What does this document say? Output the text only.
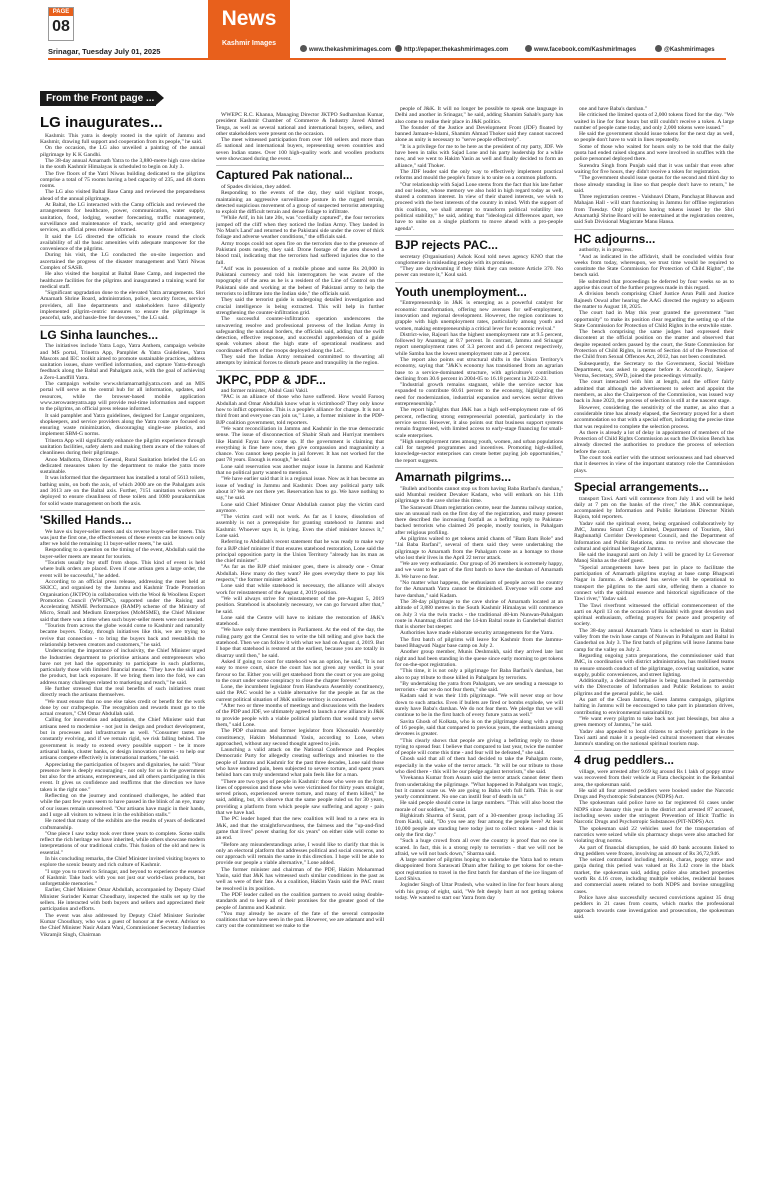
PAGE
08
Srinagar, Tuesday July 01, 2025
News
Kashmir Images
www.thekashmirimages.com	http://epaper.thekashmirimages.com	www.facebook.com/KashmirImages	@Kashmirimages
From the Front page ...
LG inaugurates...

Kashmir. This yatra is deeply rooted in the spirit of Jammu and Kashmir, drawing full support and cooperation from its people," he said.

On the occasion, the LG also unveiled a painting of the annual pilgrimage by K K Gandhi.

The 38-day annual Amarnath Yatra to the 3,880-metre high cave shrine in the south Kashmir Himalayas is scheduled to begin on July 3.

The five floors of the Yatri Niwas building dedicated to the pilgrims comprise a total of 75 rooms having a bed capacity of 235, and 48 dorm rooms.

The LG also visited Baltal Base Camp and reviewed the preparedness ahead of the annual pilgrimage.

At Baltal, the LG interacted with the Camp officials and reviewed the arrangements for healthcare, power, communication, water supply, sanitation, food, lodging, weather forecasting, traffic management, surveillance and maintenance of track, security grid and emergency services, an official press release informed.

It said the LG directed the officials to ensure round the clock availability of all the basic amenities with adequate manpower for the convenience of the pilgrims.

During his visit, the LG conducted the on-site inspection and ascertained the progress of the disaster management and Yatri Niwas Complex of SASB.

He also visited the hospital at Baltal Base Camp, and inspected the healthcare facilities for the pilgrims and inaugurated a training ward for medical staff.

"Significant upgradation done to the elevated Yatra arrangements. Shri Amarnath Shrine Board, administration, police, security forces, service providers, all line departments and stakeholders have diligently implemented pilgrim-centric measures to ensure the pilgrimage is peaceful, safe, and hassle-free for devotees," the LG said.

LG Sinha launches...

The initiatives include Yatra Logo, Yatra Anthem, campaign website and MS portal, Trinetra App, Pamphlet & Yatra Guidelines, Yatra Mascots and IEC toolkit aimed to promote sustainable practices, address sanitation issues, share verified information, and capture Yatra-through feedback along the Baltal and Pahalgam axis, with the goal of achieving a Zero-Landfill Yatra.

The campaign website www.shriamarnathjiyatra.com and an MIS portal will serve as the central hub for all information, updates, and resources, while the browser-based mobile application www.zerowasteyatra.app will provide real-time information and support to the pilgrims, an official press release informed.

It said pamphlet and Yatra guidelines, designed for Langar organizers, shopkeepers, and service providers along the Yatra route are focused on ensuring waste minimization, discouraging single-use plastics, and implement SBM-G norms.

Trinetra App will significantly enhance the pilgrim experience through sanitation facilities, safety alerts and making them aware of the values of cleanliness during their pilgrimage.

Anoo Malhotra, Director General, Rural Sanitation briefed the LG on dedicated measures taken by the department to make the yatra more sustainable.

It was informed that the department has installed a total of 5613 toilets, bathing units, on both the axis, of which 2000 are on the Pahalgam axis and 3613 are on the Baltal axis. Further, 7151 sanitation workers are deployed to ensure cleanliness of these toilets and 1080 pourakarmikas for solid waste management on both the axis.

'Skilled Hands...

We have six buyer-seller meets and six reverse buyer-seller meets. This was just the first one, the effectiveness of these events can be known only after we hold the remaining 11 buyer-seller meets," he said.

Responding to a question on the timing of the event, Abdullah said the buyer-seller meets are meant for tourists.

"Tourists usually buy stuff from shops. This kind of event is held where bulk orders are placed. Even if one artisan gets a large order, the event will be successful," he added.

According to an official press release, addressing the meet held at SKICC, and organised by the Jammu and Kashmir Trade Promotion Organisation (JKTPO) in collaboration with the Wool & Woollens Export Promotion Council (WWEPC), supported under the Raising and Accelerating MSME Performance (RAMP) scheme of the Ministry of Micro, Small and Medium Enterprises (MoMSME), the Chief Minister said that there was a time when such buyer-seller meets were not needed.

"Tourists from across the globe would come to Kashmir and naturally became buyers. Today, through initiatives like this, we are trying to revive that connection - to bring the buyers back and reestablish the relationship between creators and customers," he said.

Underscoring the importance of inclusivity, the Chief Minister urged the Industries department to prioritise artisans and entrepreneurs who have not yet had the opportunity to participate in such platforms, particularly those with limited financial means. "They have the skill and the product, but lack exposure. If we bring them into the fold, we can address many challenges related to marketing and reach," he said.

He further stressed that the real benefits of such initiatives must directly reach the artisans themselves.

"We must ensure that no one else takes credit or benefit for the work done by our craftspeople. The recognition and rewards must go to the actual creators," CM Omar Abdullah said.

Calling for innovation and adaptation, the Chief Minister said that artisans need to modernise - not just in design and product development, but in processes and infrastructure as well. "Consumer tastes are constantly evolving, and if we remain rigid, we risk falling behind. The government is ready to extend every possible support - be it more artisanal banks, cluster banks, or design innovation centres - to help our artisans compete effectively in international markets," he said.

Appreciating the participation of buyers and dignitaries, he said: "Your presence here is deeply encouraging - not only for us in the government but also for the artisans, entrepreneurs, and all others participating in this event. It gives us confidence and reaffirms that the direction we have taken is the right one."

Reflecting on the journey and continued challenges, he added that while the past few years seem to have passed in the blink of an eye, many of our issues remain unresolved. "Our artisans have magic in their hands, and I urge all visitors to witness it in the exhibition stalls."

He noted that many of the exhibits are the results of years of dedicated craftsmanship.

"One piece I saw today took over three years to complete. Some stalls reflect the rich heritage we have inherited, while others showcase modern interpretations of our traditional crafts. This fusion of the old and new is essential."

In his concluding remarks, the Chief Minister invited visiting buyers to explore the scenic beauty and rich culture of Kashmir.

"I urge you to travel to Srinagar, and beyond to experience the essence of Kashmir. Take back with you not just our world-class products, but unforgettable memories."

Earlier, Chief Minister Omar Abdullah, accompanied by Deputy Chief Minister Surinder Kumar Choudhary, inspected the stalls set up by the sellers. He interacted with both buyers and sellers and appreciated their participation and efforts.

The event was also addressed by Deputy Chief Minister Surinder Kumar Choudhary, who was a guest of honour at the event. Advisor to the Chief Minister Nasir Aslam Wani, Commissioner Secretary Industries Vikramjit Singh, Chairman

WWEPC R.C. Khanna, Managing Director JKTPO Sudharshan Kumar, president Kashmir Chamber of Commerce & Industry Javed Ahmed Tenga, as well as several national and international buyers, sellers, and other stakeholders were present on the occasion.

The meet witnessed participation from over 100 sellers and more than 45 national and international buyers, representing seven countries and seven Indian states. Over 100 high-quality work and woollen products were showcased during the event.

Captured Pak national...

of Spades division, they added.

Responding to the events of the day, they said vigilant troops, maintaining an aggressive surveillance posture in the rugged terrain, detected suspicious movement of a group of suspected terrorist attempting to exploit the difficult terrain and dense foliage to infiltrate.

"While Arif, in his late 20s, was "cordially captured", the four terrorists jumped off the cliff when they noticed the Indian Army. They landed in 'No Man's Land' and returned to the Pakistani side under the cover of thick foliage and adverse weather conditions," the officials said.

Army troops could not open fire on the terrorists due to the presence of Pakistani posts nearby, they said. Drone footage of the area showed a blood trail, indicating that the terrorists had suffered injuries due to the fall.

"Arif was in possession of a mobile phone and some Rs 20,000 in Pakistani currency and told his interrogators he was aware of the topography of the area as he is a resident of the Line of Control on the Pakistani side and working at the behest of Pakistani army to help the terrorists to infiltrate into the Indian side," the officials said.

They said the terrorist guide is undergoing detailed investigation and crucial intelligence is being extracted. This will help in further strengthening the counter-infiltration grid.

The successful counter-infiltration operation underscores the unwavering resolve and professional prowess of the Indian Army in safeguarding the national borders, the officials said, adding that the swift detection, effective response, and successful apprehension of a guide speak volumes about the high state of operational readiness and coordinated efforts of the troops deployed along the LoC.

They said the Indian Army remained committed to thwarting all attempts by inimical forces to disturb peace and tranquility in the region.

JKPC, PDP & JDF...

and former minister, Abdul Gani Vakil.

"PAC is an alliance of those who have suffered. How would Farooq Abdullah and Omar Abdullah know what is victimhood? They only know how to inflict oppression. This is a people's alliance for change. It is not a third front and everyone can join us," Lone, a former minister in the PDP-BJP coalition government, told reporters.

"We want reconciliation in Jammu and Kashmir in the true democratic sense. The issue of disconnection of Shabir Shah and Hurriyat members like Hamid Fayaz have come up. If the government is claiming that everything is fine here now, then give compassion and magnanimity a chance. You cannot keep people in jail forever. It has not worked for the past 78 years. Enough is enough," he said.

Lone said reservation was another major issue in Jammu and Kashmir that no political party wanted to mention.

"We have earlier said that it is a regional issue. Now as it has become an issue of 'ending' in Jammu and Kashmir. Does any political party talk about it? We are not there yet. Reservation has to go. We have nothing to say," he said.

Lone said Chief Minister Omar Abdullah cannot play the victim card anymore.

"The victim card will not work. As far as I know, dissolution of assembly is not a prerequisite for granting statehood to Jammu and Kashmir. Whoever says it, is lying. Even the chief minister knows it," Lone said.

Referring to Abdullah's recent statement that he was ready to make way for a BJP chief minister if that ensures statehood restoration, Lone said the principal opposition party in the Union Territory "already has its man as the chief minister".

"As far as the BJP chief minister goes, there is already one - Omar Abdullah. How many do they want? He goes everyday there to pay his respects," the former minister added.

Lone said that while statehood is necessary, the alliance will always work for reinstatement of the August 4, 2019 position.

"We will always strive for reinstatement of the pre-August 5, 2019 position. Statehood is absolutely necessary, we can go forward after that," he said.

Lone said the Centre will have to initiate the restoration of J&K's statehood.

"We have only three members in Parliament. At the end of the day, the ruling party got the Central ties to write the bill telling and give back the statehood. Then we can follow it with what we had on August 4, 2019. But I hope that statehood is restored at the earliest, because you are totally in disarray until then," he said.

Asked if going to court for statehood was an option, he said, "It is not easy to move court, since the court has not given any verdict in your favour so far. Either you will get statehood from the court or you are going to the court under some conspiracy to close the chapter forever."

Lone, the incumbent legislator from Handwara Assembly constituency, said the PAC would be a viable alternative for the people as far as the current political situation of J&K unlike territory is concerned.

"After two or three months of meetings and discussions with the leaders of the PDP and JDF, we ultimately agreed to launch a new alliance in J&K to provide people with a viable political platform that would truly serve them," said Lone.

The PDP chairman and former legislator from Khonsakh Assembly constituency, Hakim Mohammad Yasin, according to Lone, when approached, without any second thought agreed to join.

Launching a valid attack on the National Conference and Peoples Democratic Party for allegedly creating sufferings and miseries to the people of Jammu and Kashmir for the past three decades, Lone said those who have endured pain, been subjected to severe torture, and spent years behind bars can truly understand what pain feels like for a man.

"There are two types of people in Kashmir: those who were on the front lines of oppression and those who were victimised for thirty years straight, served prison, experienced severe torture, and many of them killed," he said, adding, but, it's observe that the same people ruled us for 30 years, providing a platform from which people saw suffering and agony - pain that we have had.

The PC leader hoped that the new coalition will lead to a new era in J&K, and that the straightforwardness, the fairness and the "up-and-find game that lives" power sharing for six years" on either side will come to an end.

"Before any misunderstandings arise, I would like to clarify that this is only an electoral platform that addresses political and social concerns, and our approach will remain the same in this direction. I hope will be able to provide our people a viable alternative," Lone added.

The former minister and chairman of the PDF, Hakim Mohammad Yasin, said that J&K has witnessed such similar conditions in the past as well as were of their fate. As a coalition, Hakim Yasin said the PAC must be resolved in its position.

The PDF leader called on the coalition partners to avoid using double-standards and to keep all of their promises for the greater good of the people of Jammu and Kashmir.

"You may already be aware of the fate of the several composite coalitions that we have seen in the past. However, we are adamant and will carry out the commitment we make to the

people of J&K. It will no longer be possible to speak one language in Delhi and another in Srinagar," he said, adding Shamim Sahab's party has also come to realise their place in J&K politics.

The founder of the Justice and Development Front (JDF) floated by banned Jamaat-e-Islami, Shamim Ahmad Thoker said they cannot succeed alone as unity is necessary to "serve people effectively".

"It is a privilege for me to be here as the president of my party, JDF. We have been in talks with Sajad Lone and his party leadership for a while now, and we went to Hakim Yasin as well and finally decided to form an alliance," said Thoker.

The JDF leader said the only way to effectively implement practical reforms and mould the people's future is to unite on a common platform.

"Our relationship with Sajad Lone stems from the fact that his late father and our leader, whose memory we also hold in high regard today as well, shared a common interest. In view of their shared interests, we wish to proceed with the best interests of the country in mind. With the support of this coalition, we shall attempt to transform political volatility into political stability," he said, adding that "ideological differences apart, we have to unite on a single platform to move ahead with a pro-people agenda".

BJP rejects PAC...

secretary (Organisation) Ashok Koul told news agency KNO that the conglomerate is misleading people with its promises.

"They are daydreaming if they think they can restore Article 370. No power can restore it," Koul said.

Youth unemployment...

"Entrepreneurship in J&K is emerging as a powerful catalyst for economic transformation, offering new avenues for self-employment, innovation and regional development. However, the region continues to grapple with high unemployment rates, particularly among youth and women, making entrepreneurship a critical lever for economic revival."

District-wise, Rajouri has the highest unemployment rate at 9.5 percent, followed by Anantnag at 8.7 percent. In contrast, Jammu and Srinagar report unemployment rates of 3.3 percent and 4.6 percent respectively, while Samba has the lowest unemployment rate at 2 percent.

The report also points out structural shifts in the Union Territory's economy, saying that "J&K's economy has transitioned from an agrarian base to a service-dominated structure, with agriculture's contribution declining from 30.6 percent in 2004-05 to 16.18 percent in 2022-23.

"Industrial growth remains stagnant, while the service sector has expanded to contribute 60.61 percent to the economy, highlighting the need for modernization, industrial expansion and services sector driven entrepreneurship."

The report highlights that J&K has a high self-employment rate of 66 percent, reflecting strong entrepreneurial potential, particularly in the service sector. However, it also points out that business support systems remain fragmented, with limited access to early-stage financing for small-scale enterprises.

"High unemployment rates among youth, women, and urban populations call for targeted programmes and incentives. Promoting high-skilled, knowledge-sector enterprises can create better paying job opportunities," the report suggests.

Amarnath pilgrims...

"Bulleh and bombs cannot stop us from having Baba Barfani's darshan," said Mumbai resident Devaker Kadam, who will embark on his 11th pilgrimage to the cave shrine this time.

The Saraswati Dham registration centre, near the Jammu railway station, saw an unusual rush on the first day of the registration, and many present there described the increasing footfall as a befitting reply to Pakistan-backed terrorists who claimed 26 people, mostly tourists, in Pahalgam after religious profiling.

As pilgrims waited to get tokens amid chants of "Bam Bam Bole" and "Jai Baba Barfani", several of them said they were undertaking the pilgrimage to Amarnath from the Pahalgam route as a homage to those who lost their lives in the April 22 terror attack.

"We are very enthusiastic. Our group of 26 members is extremely happy, and we want to be part of the first batch to have the darshan of Amarnath Ji. We have no fear.

"No matter what happens, the enthusiasm of people across the country for the Amarnath Yatra cannot be diminished. Everyone will come and have darshan," said Kadam.

The 38-day pilgrimage to the cave shrine of Amarnath located at an altitude of 3,880 metres in the South Kashmir Himalayas will commence on July 3 via the twin tracks - the traditional 48-km Nunwan-Pahalgam route in Anantnag district and the 14-km Baltal route in Ganderbal district that is shorter but steeper.

Authorities have made elaborate security arrangements for the Yatra.

The first batch of pilgrims will leave for Kashmir from the Jammu-based Bhagwati Nagar base camp on July 2.

Another group member, Munis Deshmukh, said they arrived late last night and had been standing in the queue since early morning to get tokens for on-the-spot registration.

"This time, it is not only a pilgrimage for Baba Barfani's darshan, but also to pay tribute to those killed in Pahalgam by terrorists.

"By undertaking the yatra from Pahalgam, we are sending a message to terrorists - that we do not fear them," she said.

Kadam said it was their 11th pilgrimage. "We will never stop or bow down to such attacks. Even if bullets are fired or bombs explode, we will surely have Baba's darshan. We do not fear them. We pledge that we will continue to be in the first batch of every future yatra as well."

Savita Ghosh of Kolkata, who is on the pilgrimage along with a group of 16 people, said that compared to previous years, the enthusiasm among devotees is greater.

"This clearly shows that people are giving a befitting reply to those trying to spread fear. I believe that compared to last year, twice the number of people will come this time - and fear will be defeated," she said.

Ghosh said that all of them had decided to take the Pahalgam route, especially in the wake of the terror attack. "It will be our tribute to those who died there - this will be our pledge against terrorism," she said.

Vivekanna Kumar from Assam said the terror attack cannot deter them from undertaking the pilgrimage. "What happened in Pahalgam was tragic, but it cannot scare us. We are going to Baba with full faith. This is our yearly commitment. No one can instill fear of death in us."

He said people should come in large numbers. "This will also boost the morale of our soldiers," he said.

Bighkirath Sharma of Surat, part of a 30-member group including 35 from Kashi, said, "Do you see any fear among the people here? At least 10,000 people are standing here today just to collect tokens - and this is only the first day."

"Such a huge crowd from all over the country is proof that no one is scared. In fact, this is a strong reply to terrorists - that we will not be afraid, we will not back down," Sharma said.

A large number of pilgrims hoping to undertake the Yatra had to return disappointed from Saraswati Dham after failing to get tokens for on-the-spot registration to travel in the first batch for darshan of the ice lingam of Lord Shiva.

Joginder Singh of Uttar Pradesh, who waited in line for four hours along with his group of eight, said, "We felt deeply hurt at not getting tokens today. We wanted to start our Yatra from day

one and have Baba's darshan."

He criticised the limited quota of 2,000 tokens fixed for the day. "We waited in line for four hours but still couldn't receive a token. A large number of people came today, and only 2,000 tokens were issued."

He said the government should issue tokens for the next day as well, so people don't have to wait in lines repeatedly.

Some of those who waited for hours only to be told that the daily quota had ended raised slogans and were involved in scuffles with the police personnel deployed there.

Surendra Singh from Punjab said that it was unfair that even after waiting for five hours, they didn't receive a token for registration.

"The government should issue quotas for the second and third day to those already standing in line so that people don't have to return," he said.

Three registration centres - Vaishnavi Dham, Panchayat Bhawan and Mahajan Hall - will start functioning in Jammu for offline registration from Tuesday. Only pilgrims having tokens issued by the Shri Amarnathji Shrine Board will be entertained at the registration centres, said Sub Divisional Magistrate Manu Hansa.

HC adjourns...

authority, is in progress.

"And as indicated in the affidavit, shall be concluded within four weeks from today, whereupon, we trust time would be required to constitute the State Commission for Protection of Child Rights", the bench said.

He submitted that proceedings be deferred by four weeks so as to apprise this court of the further progress made in this regard.

A division bench comprising Chief Justice Arun Palli and Justice Rajnesh Oswal after hearing the AAG directed the registry to adjourn the matter to August 18, 2025.

The court had in May this year granted the government "last opportunity" to make its position clear regarding the setting up of the State Commission for Protection of Child Rights in the erstwhile state.

The bench comprising the same judges had expressed their discontent at the official position on the matter and observed that despite repeated orders passed by the court, the State Commission for Protection of Child Rights, in terms of Section 44 of the Protection of the Child from Sexual Offences Act, 2012, has not been constituted.

Subsequently, the Secretary to the Government, Social Welfare Department, was asked to appear before it. Accordingly, Sanjeev Verma, Secretary, SWD, joined the proceedings virtually.

The court interacted with him at length, and the officer fairly admitted that although the advertisement to select and appoint the members, as also the Chairperson of the Commission, was issued way back in June 2023, the process of selection is still at the nascent stage.

However, considering the sensitivity of the matter, as also that a considerable time has already elapsed, the Secretary prayed for a short accommodation so that with a special effort, indicating the precise time that was required to complete the selection process.

As there is already a lot of delay in appointment of members of the Protection of Child Rights Commission as such the Division Bench has already directed the authorities to produce the process of selection before the court.

The court took earlier with the utmost seriousness and had observed that it deserves in view of the important statutory role the Commission plays.

Special arrangements...

transport Tawi. Aarti will commence from July 1 and will be held daily at 7 pm on the banks of the river," the J&K communique, accompanied by Information and Public Relations Director Nitish Rajora, told reporters.

Yadav said the spiritual event, being organised collaboratively by JMC, Jammu Smart City Limited, Department of Tourism, Shri Raghunathji Corridor Development Council, and the Department of Information and Public Relations, aims to revive and showcase the cultural and spiritual heritage of Jammu.

He said the inaugural aarti on July 1 will be graced by Lt Governor Manoj Sinha as the chief guest.

"Special arrangements have been put in place to facilitate the participation of Amarnath pilgrims staying at base camp Bhagwati Nagar in Jammu. A dedicated bus service will be operational to transport the pilgrims to the aarti site, offering them a chance to connect with the spiritual essence and historical significance of the Tawi river," Yadav said.

The Tawi riverfront witnessed the official commencement of the aarti on April 13 on the occasion of Baisakhi with great devotion and spiritual enthusiasm, offering prayers for peace and prosperity of society.

The 38-day annual Amarnath Yatra is scheduled to start in Baltal valley from the twin base camps of Nunwan in Pahalgam and Baltal in Ganderbal on July 3. The first batch of pilgrims will leave Jammu base camp for the valley on July 2.

Regarding ongoing yatra preparations, the commissioner said that JMC, in coordination with district administration, has mobilised teams to ensure smooth conduct of the pilgrimage, covering sanitation, water supply, public conveniences, and street lighting.

Additionally, a dedicated helpline is being launched in partnership with the Directorate of Information and Public Relations to assist pilgrims and the general public, he said.

As part of the Clean Jammu, Green Jammu campaign, pilgrims halting in Jammu will be encouraged to take part in plantation drives, contributing to environmental sustainability.

"We want every pilgrim to take back not just blessings, but also a green memory of Jammu," he said.

Yadav also appealed to local citizens to actively participate in the Tawi aarti and make it a people-led cultural movement that elevates Jammu's standing on the national spiritual tourism map.

4 drug peddlers...

village, were arrested after 9.69 kg around Rs 1 lakh of poppy straw was recovered from their vehicle at Flata checkpoint in the Rehambal area, the spokesman said.

He said all four arrested peddlers were booked under the Narcotic Drugs and Psychotropic Substances (NDPS) Act.

The spokesman said police have so far registered 61 cases under NDPS since January this year in the district and arrested 87 accused, including seven under the stringent Prevention of Illicit Traffic in Narcotic Drugs and Psychotropic Substances (PIT-NDPS) Act.

The spokesman said 22 vehicles used for the transportation of narcotics were seized while six pharmacy shops were also attached for violating drug norms.

As part of financial disruption, he said 40 bank accounts linked to drug peddlers were frozen, involving an amount of Rs 36,72,946.

The seized contraband including heroin, charas, poppy straw and ganja during this period was valued at Rs 3.42 crore in the black market, the spokesman said, adding police also attached properties worth Rs 4.16 crore, including multiple vehicles, residential houses and commercial assets related to both NDPS and bovine smuggling cases.

Police have also successfully secured convictions against 35 drug peddlers in 21 cases from courts, which marks the professional approach towards case investigation and prosecution, the spokesman said.
